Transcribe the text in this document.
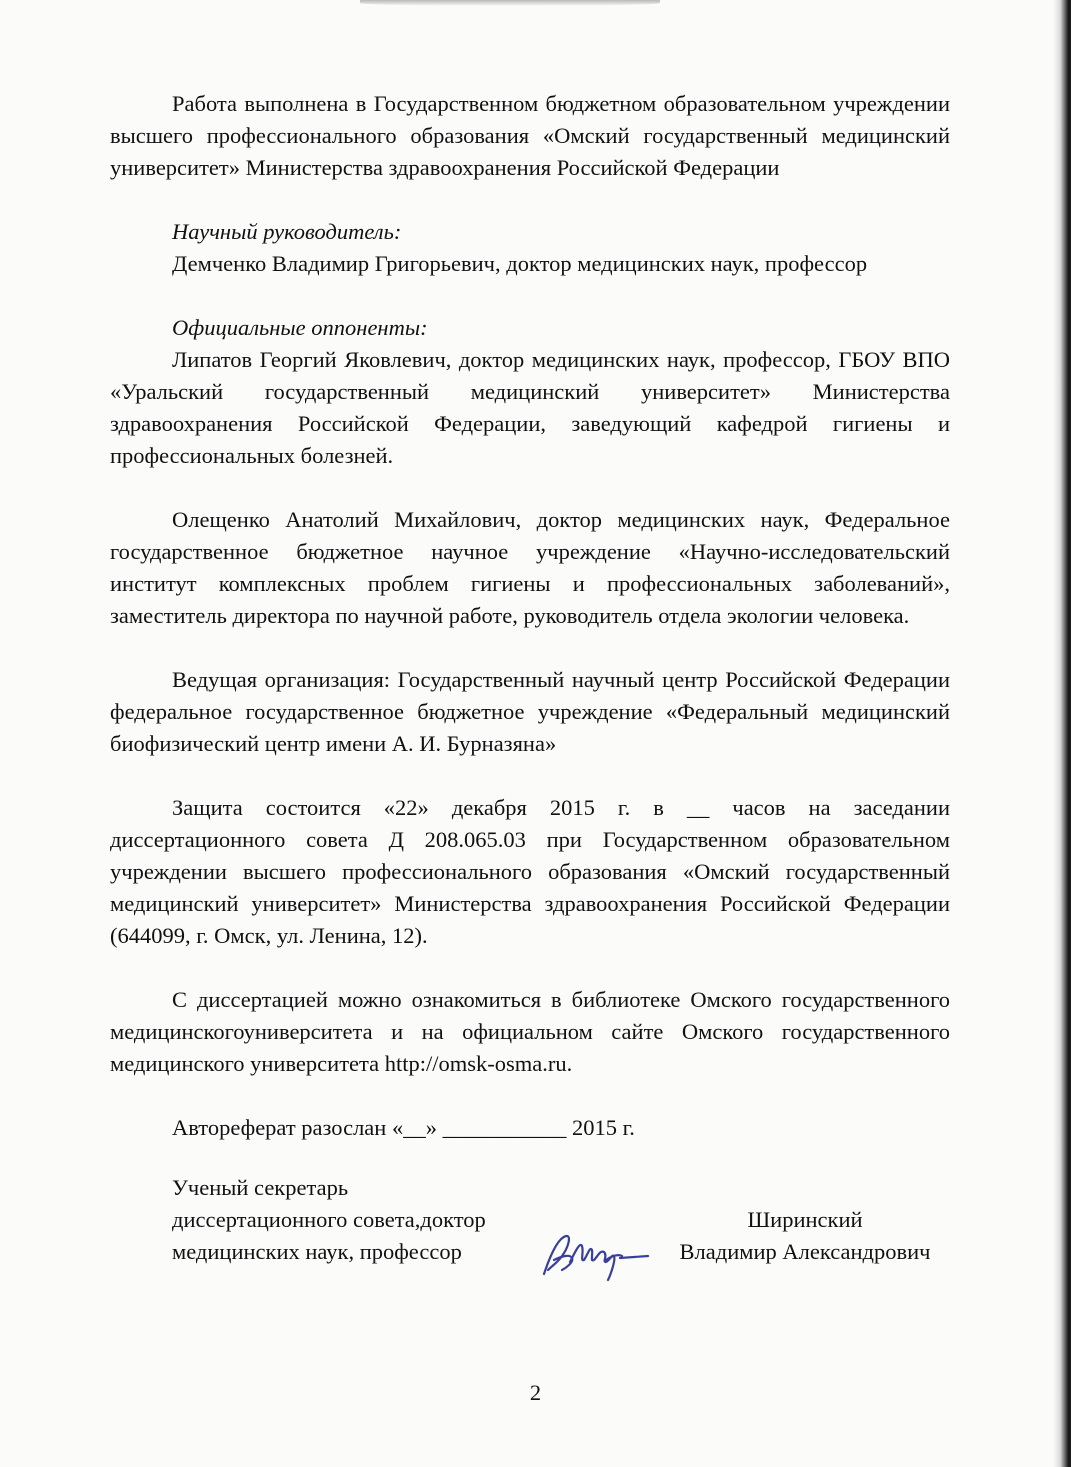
Работа выполнена в Государственном бюджетном образовательном учреждении высшего профессионального образования «Омский государственный медицинский университет» Министерства здравоохранения Российской Федерации

Научный руководитель:
Демченко Владимир Григорьевич, доктор медицинских наук, профессор
Официальные оппоненты:

Липатов Георгий Яковлевич, доктор медицинских наук, профессор, ГБОУ ВПО «Уральский государственный медицинский университет» Министерства здравоохранения Российской Федерации, заведующий кафедрой гигиены и профессиональных болезней.

Олещенко Анатолий Михайлович, доктор медицинских наук, Федеральное государственное бюджетное научное учреждение «Научно-исследовательский институт комплексных проблем гигиены и профессиональных заболеваний», заместитель директора по научной работе, руководитель отдела экологии человека.

Ведущая организация: Государственный научный центр Российской Федерации федеральное государственное бюджетное учреждение «Федеральный медицинский биофизический центр имени А. И. Бурназяна»

Защита состоится «22» декабря 2015 г. в __ часов на заседании диссертационного совета Д 208.065.03 при Государственном образовательном учреждении высшего профессионального образования «Омский государственный медицинский университет» Министерства здравоохранения Российской Федерации (644099, г. Омск, ул. Ленина, 12).

С диссертацией можно ознакомиться в библиотеке Омского государственного медицинскогоуниверситета и на официальном сайте Омского государственного медицинского университета http://omsk-osma.ru.

Автореферат разослан «__» ___________ 2015 г.
Ученый секретарь
диссертационного совета,доктор
медицинских наук, профессор
Ширинский
Владимир Александрович
2
